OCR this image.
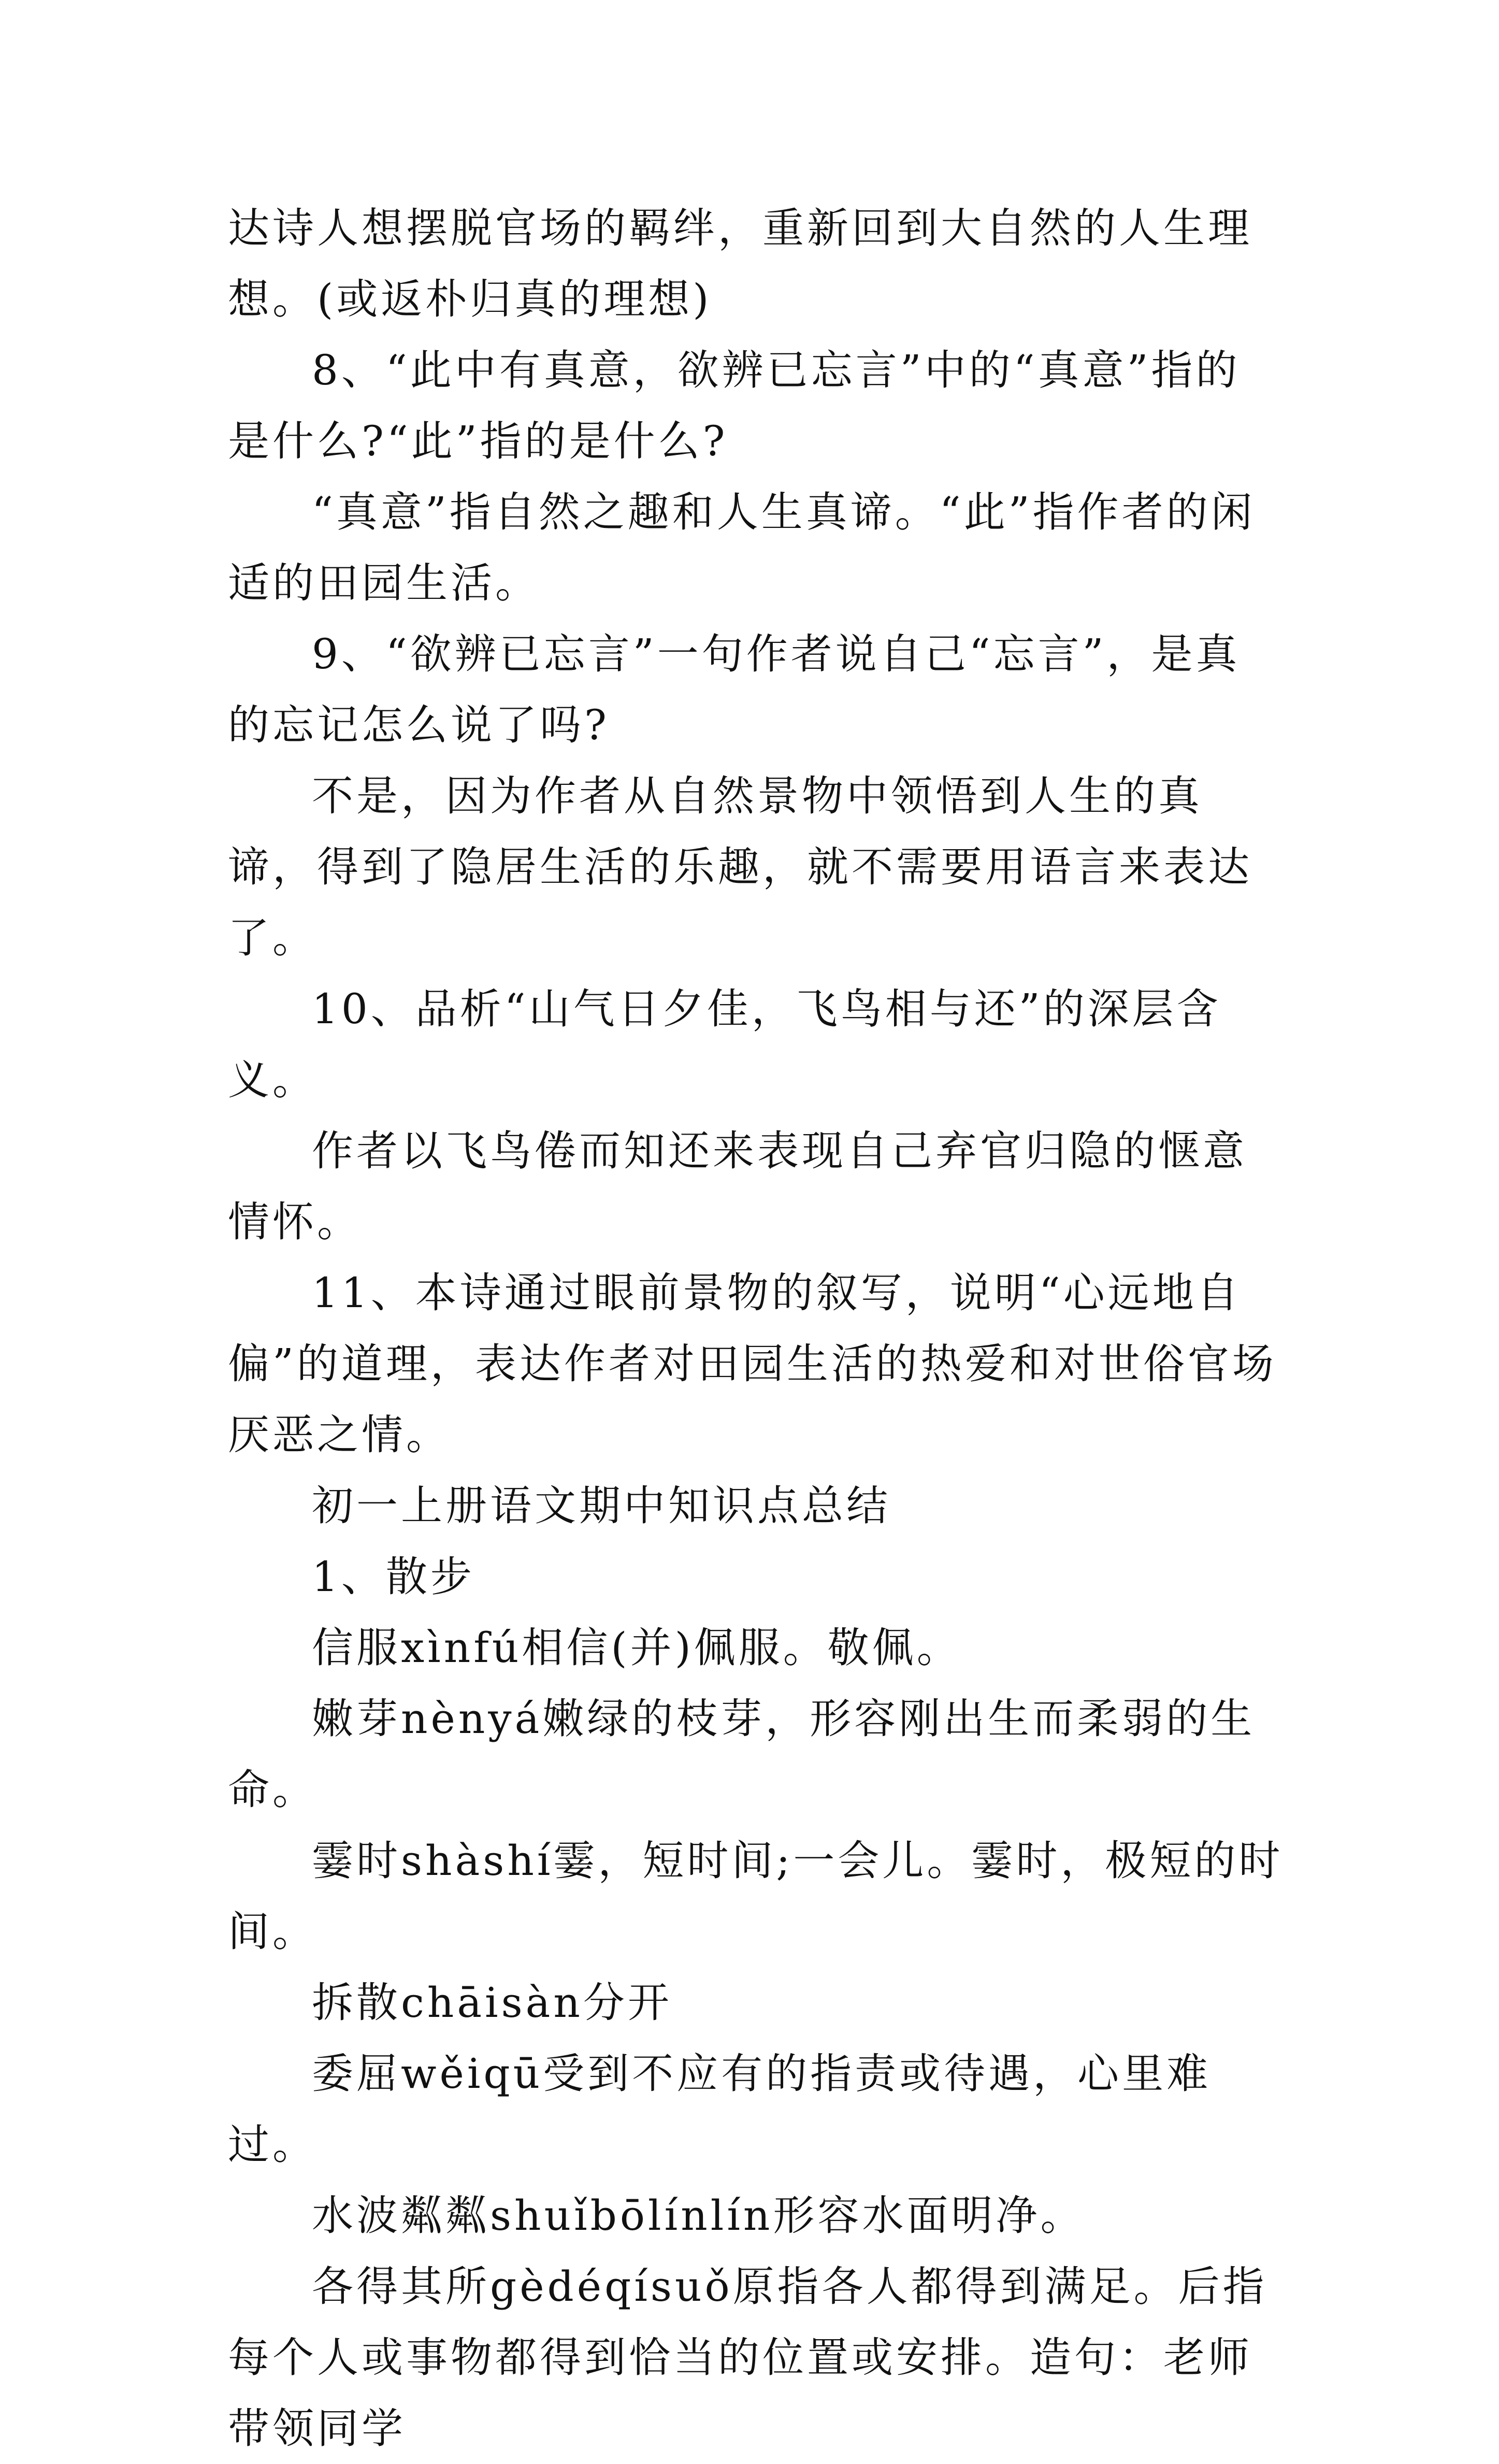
达诗人想摆脱官场的羁绊，重新回到大自然的人生理想。(或返朴归真的理想)

8、“此中有真意，欲辨已忘言”中的“真意”指的是什么?“此”指的是什么?

“真意”指自然之趣和人生真谛。“此”指作者的闲适的田园生活。

9、“欲辨已忘言”一句作者说自己“忘言”，是真的忘记怎么说了吗?

不是，因为作者从自然景物中领悟到人生的真谛，得到了隐居生活的乐趣，就不需要用语言来表达了。

10、品析“山气日夕佳，飞鸟相与还”的深层含义。

作者以飞鸟倦而知还来表现自己弃官归隐的惬意情怀。

11、本诗通过眼前景物的叙写，说明“心远地自偏”的道理，表达作者对田园生活的热爱和对世俗官场厌恶之情。

初一上册语文期中知识点总结

1、散步

信服xìnfú相信(并)佩服。敬佩。

嫩芽nènyá嫩绿的枝芽，形容刚出生而柔弱的生命。

霎时shàshí霎，短时间;一会儿。霎时，极短的时间。

拆散chāisàn分开

委屈wěiqū受到不应有的指责或待遇，心里难过。

水波粼粼shuǐbōlínlín形容水面明净。

各得其所gèdéqísuǒ原指各人都得到满足。后指每个人或事物都得到恰当的位置或安排。造句：老师带领同学
